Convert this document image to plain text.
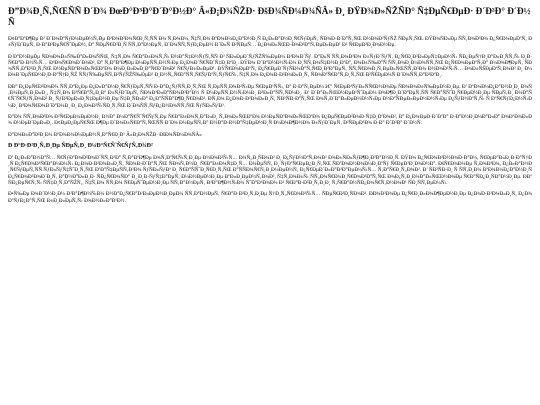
Ð”Ð¾Ð¸Ñ‚ÑŒÑÑ Ð´Ð¾ ÐœÐ°Ð³Ð°Ð´Ð°Ð½Ð° Â«Ð¡Ð¾ÑŽÐ· ÐšÐ¾ÑÐ¼Ð¾ÑÂ» Ð¸ ÐŸÐ¾Ð»ÑŽÑÐ° Ñ‡ÐµÑ€ÐµÐ· Ð´Ð²Ð° Ð´Ð½Ñ

Ð¢Ð°ÐºÐ¶Ðµ Ð² Ð´Ð¾ÐºÑƒÐ¼ÐµÐ½Ñ‚Ðµ Ð³Ð¾Ð²Ð¾Ñ€Ð¸Ñ‚ÑÑ Ð¾ Ñ‚Ð¾Ð¼, Ñ‡Ñ‚Ð¾ ÐºÐ¾Ð¼Ð¿Ð°Ð½Ð¸Ñ Ð¿Ð»Ð°Ð½Ð¸Ñ€ÑƒÐµÑ‚ ÑÐ¾Ð·Ð´Ð°Ñ‚ÑŒ Ð½Ð¾Ð²ÑƒÑŽ ÑÐµÑ‚ÑŒ. ÐŸÐ¾ÑÐ»Ðµ ÑÑ‚Ð¾Ð³Ð¾ Ð¿Ñ€Ð¾ÐµÐºÑ‚ Ð±ÑƒÐ´ÐµÑ‚ Ð·Ð°Ð²ÐµÑ€ÑˆÐµÐ½, Ð° ÑÐµÑ€Ð²Ð¸Ñ ÑÑ‚Ð°Ð½ÐµÑ‚ Ð´Ð¾ÑÑ‚ÑƒÐ¿ÐµÐ½ Ð´Ð»Ñ Ð²ÑÐµÑ… Ð¿Ð¾Ð»ÑŒÐ·Ð¾Ð²Ð°Ñ‚ÐµÐ»ÐµÐ¹ Ð² Ñ€ÐµÐ³Ð¸Ð¾Ð½Ðµ.

Ð Ð°Ð½ÐµÐµ ÑÐ¾Ð¾Ð±Ñ‰Ð°Ð»Ð¾ÑÑŒ, Ñ‡Ñ‚Ð¾ Ñ€Ð°Ð±Ð¾Ñ‚Ñ‹ Ð½Ð°Ñ‡Ð½ÑƒÑ‚ÑÑ Ð² ÑÐ»ÐµÐ´ÑƒÑŽÑ‰ÐµÐ¼ Ð³Ð¾Ð´Ñƒ. Ð”Ð»Ñ ÑÑ‚Ð¾Ð³Ð¾ Ð±ÑƒÐ´ÑƒÑ‚ Ð¿Ñ€Ð¸Ð²Ð»ÐµÑ‡ÐµÐ½Ñ‹ ÑÐ¿ÐµÑ†Ð¸Ð°Ð»Ð¸ÑÑ‚Ñ‹ Ð¸Ð· Ñ€Ð°Ð·Ð½Ñ‹Ñ… Ð³Ð¾Ñ€Ð¾Ð´Ð¾Ð², Ð° Ñ‚Ð°ÐºÐ¶Ðµ Ð¼ÐµÑÑ‚Ð½Ñ‹Ðµ Ð¿Ð¾Ð´Ñ€ÑÐ´Ñ‡Ð¸ÐºÐ¸. ÐŸÐ¾ Ð´Ð°Ð½Ð½Ñ‹Ð¼ Ð¸ÑÑ‚Ð¾Ñ‡Ð½Ð¸ÐºÐ°, Ð¾Ð±Ñ‰Ð°Ñ ÑÑ‚Ð¾Ð¸Ð¼Ð¾ÑÑ‚ÑŒ Ð¿Ñ€Ð¾ÐµÐºÑ‚Ð° Ð¼Ð¾Ð¶ÐµÑ‚ ÑÐ¾ÑÑ‚Ð°Ð²Ð¸Ñ‚ÑŒ Ð½ÐµÑÐºÐ¾Ð»ÑŒÐºÐ¾ Ð¼Ð¸Ð»Ð»Ð¸Ð°Ñ€Ð´Ð¾Ð² Ñ€ÑƒÐ±Ð»ÐµÐ¹. ÐŸÑ€Ð¾ÐµÐºÑ‚ Ð¿Ñ€ÐµÐ´ÑƒÑÐ¼Ð°Ñ‚Ñ€Ð¸Ð²Ð°ÐµÑ‚ ÑÑ‚Ñ€Ð¾Ð¸Ñ‚ÐµÐ»ÑŒÑÑ‚Ð²Ð¾ Ð½Ð¾Ð²Ñ‹Ñ… Ð¾Ð±ÑŠÐµÐºÑ‚Ð¾Ð² Ð¸ Ð¼Ð¾Ð´ÐµÑ€Ð½Ð¸Ð·Ð°Ñ†Ð¸ÑŽ ÑÑƒÑ‰ÐµÑÑ‚Ð²ÑƒÑŽÑ‰ÐµÐ¹ Ð¸Ð½Ñ„Ñ€Ð°ÑÑ‚Ñ€ÑƒÐºÑ‚ÑƒÑ€Ñ‹, Ñ‡Ñ‚Ð¾ Ð¿Ð¾Ð·Ð²Ð¾Ð»Ð¸Ñ‚ ÑÐ¾ÐºÑ€Ð°Ñ‚Ð¸Ñ‚ÑŒ Ð²Ñ€ÐµÐ¼Ñ Ð´Ð¾ÑÑ‚Ð°Ð²ÐºÐ¸.

ÐÐ° Ð¿ÐµÑ€Ð²Ð¾Ð¼ ÑÑ‚Ð°Ð¿Ðµ Ð¿Ð»Ð°Ð½Ð¸Ñ€ÑƒÐµÑ‚ÑÑ Ð·Ð°Ð¿ÑƒÑÑ‚Ð¸Ñ‚ÑŒ Ñ‚ÐµÑÑ‚Ð¾Ð²Ñ‹Ðµ Ñ€ÐµÐ¹ÑÑ‹, Ð° Ð·Ð°Ñ‚ÐµÐ¼ â€” Ñ€ÐµÐ³ÑƒÐ»ÑÑ€Ð½Ð¾Ðµ ÑÐ¾Ð¾Ð±Ñ‰ÐµÐ½Ð¸Ðµ. Ð’ ÐºÐ¾Ð¼Ð¿Ð°Ð½Ð¸Ð¸ Ð¾Ñ‚Ð¼ÐµÑ‚Ð¸Ð»Ð¸, Ñ‡Ñ‚Ð¾ Ð³Ñ€Ð°Ñ„Ð¸Ðº Ð±ÑƒÐ´ÐµÑ‚ ÑÐ¾Ð³Ð»Ð°ÑÐ¾Ð²Ð°Ð½ Ñ Ð¼ÐµÑÑ‚Ð½Ñ‹Ð¼Ð¸ Ð²Ð»Ð°ÑÑ‚ÑÐ¼Ð¸. Ð’ Ð´Ð°Ð»ÑŒÐ½ÐµÐ¹ÑˆÐµÐ¼ Ð¾Ð¶Ð¸Ð´Ð°ÐµÑ‚ÑÑ Ñ€Ð°ÑÑˆÐ¸Ñ€ÐµÐ½Ð¸Ðµ ÑÐµÑ‚Ð¸ Ð¼Ð°Ñ€ÑˆÑ€ÑƒÑ‚Ð¾Ð² Ð¸ ÑƒÐ²ÐµÐ»Ð¸Ñ‡ÐµÐ½Ð¸Ðµ Ñ‡Ð¸ÑÐ»Ð° Ð¿Ð°ÑÑÐ°Ð¶Ð¸Ñ€Ð¾Ð². ÐÑ‚Ð¾ Ð¿Ð¾Ð·Ð²Ð¾Ð»Ð¸Ñ‚ ÑÐ²ÑÐ·Ð°Ñ‚ÑŒ Ð¾Ñ‚Ð´Ð°Ð»ÐµÐ½Ð½Ñ‹Ðµ Ð½Ð°ÑÐµÐ»ÐµÐ½Ð½Ñ‹Ðµ Ð¿ÑƒÐ½ÐºÑ‚Ñ‹ Ñ ÐºÑ€ÑƒÐ¿Ð½Ñ‹Ð¼Ð¸ Ð³Ð¾Ñ€Ð¾Ð´Ð°Ð¼Ð¸ Ð¸ Ð¿Ð¾Ð²Ñ‹ÑÐ¸Ñ‚ÑŒ Ð´Ð¾ÑÑ‚ÑƒÐ¿Ð½Ð¾ÑÑ‚ÑŒ ÑƒÑÐ»ÑƒÐ³.

Ð”Ð¾ ÑÑ‚Ð¾Ð³Ð¾ Ð²Ñ€ÐµÐ¼ÐµÐ½Ð¸ Ð½Ð° Ð¼Ð°Ñ€ÑˆÑ€ÑƒÑ‚Ðµ Ñ€Ð°Ð±Ð¾Ñ‚Ð°Ð»Ð¸ Ñ‚Ð¾Ð»ÑŒÐºÐ¾ Ð½ÐµÑÐºÐ¾Ð»ÑŒÐºÐ¾ Ð¿ÐµÑ€ÐµÐ²Ð¾Ð·Ñ‡Ð¸ÐºÐ¾Ð², Ð° Ð¿Ð¾ÐµÐ·Ð´ÐºÐ° Ð·Ð°Ð½Ð¸Ð¼Ð°Ð»Ð° Ð¾ÐºÐ¾Ð»Ð¾ Ð½ÐµÐ´ÐµÐ»Ð¸. Ð¢ÐµÐ¿ÐµÑ€ÑŒ Ð¶Ðµ Ð´Ð¾Ð±Ñ€Ð°Ñ‚ÑŒÑÑ Ð´Ð¾ Ð¼ÐµÑÑ‚Ð° Ð½Ð°Ð·Ð½Ð°Ñ‡ÐµÐ½Ð¸Ñ Ð¼Ð¾Ð¶Ð½Ð¾ Ð±ÑƒÐ´ÐµÑ‚ Ð²ÑÐµÐ³Ð¾ Ð·Ð° Ð´Ð²Ð° Ð´Ð½Ñ.

Ð”Ð¾Ð±Ð°Ð²Ð¸Ð¼ ÐºÐ¾Ð¼Ð¼ÐµÐ½Ñ‚Ð°Ñ€Ð¸Ð¹ Â«Ð¡Ð¾ÑŽÐ· ÐšÐ¾ÑÐ¼Ð¾ÑÂ»

Ð Ð°Ð·Ð²Ð¸Ñ‚Ð¸Ðµ ÑÐµÑ‚Ð¸ Ð¼Ð°Ñ€ÑˆÑ€ÑƒÑ‚Ð¾Ð²

Ð’ Ð¿Ð»Ð°Ð½Ð°Ñ… Ñ€ÑƒÐºÐ¾Ð²Ð¾Ð´ÑÑ‚Ð²Ð° Ñ‚Ð°ÐºÐ¶Ðµ Ð¾Ñ‚ÐºÑ€Ñ‹Ñ‚Ð¸Ðµ Ð½Ð¾Ð²Ñ‹Ñ… Ð¾Ñ„Ð¸ÑÐ¾Ð² Ð¸ Ð¿ÑƒÐ½ÐºÑ‚Ð¾Ð² Ð¾Ð±ÑÐ»ÑƒÐ¶Ð¸Ð²Ð°Ð½Ð¸Ñ. ÐŸÐ¾ Ð¿Ñ€Ð¾Ð³Ð½Ð¾Ð·Ð°Ð¼, Ñ€ÐµÐ°Ð»Ð¸Ð·Ð°Ñ†Ð¸Ñ Ð¿Ñ€Ð¾Ð³Ñ€Ð°Ð¼Ð¼Ñ‹ Ð¿Ð¾Ð·Ð²Ð¾Ð»Ð¸Ñ‚ ÑÐ¾Ð·Ð´Ð°Ñ‚ÑŒ ÑÐ¾Ñ‚Ð½Ð¸ Ñ€Ð°Ð±Ð¾Ñ‡Ð¸Ñ… Ð¼ÐµÑÑ‚ Ð¸ ÑƒÐºÑ€ÐµÐ¿Ð¸Ñ‚ÑŒ ÑÐºÐ¾Ð½Ð¾Ð¼Ð¸ÐºÑƒ Ñ€ÐµÐ³Ð¸Ð¾Ð½Ð°. ÐšÑ€Ð¾Ð¼Ðµ Ñ‚Ð¾Ð³Ð¾, Ð¿Ð»Ð°Ð½Ð¸Ñ€ÑƒÐµÑ‚ÑÑ ÑƒÐ»ÑƒÑ‡ÑˆÐ¸Ñ‚ÑŒ ÐºÐ°Ñ‡ÐµÑÑ‚Ð²Ð¾ ÑƒÑÐ»ÑƒÐ³ Ð¸ Ñ€Ð°ÑÑˆÐ¸Ñ€Ð¸Ñ‚ÑŒ Ð°ÑÑÐ¾Ñ€Ñ‚Ð¸Ð¼ÐµÐ½Ñ‚ Ð¿Ñ€ÐµÐ´Ð»Ð°Ð³Ð°ÐµÐ¼Ñ‹Ñ… Ñ‚Ð°Ñ€Ð¸Ñ„Ð¾Ð². Ð’ ÑÐ²ÑÐ·Ð¸ Ñ ÑÑ‚Ð¸Ð¼ ÐºÐ¾Ð¼Ð¿Ð°Ð½Ð¸Ñ Ð¿Ñ€Ð¾Ð²Ð¾Ð´Ð¸Ñ‚ Ð°Ð½Ð°Ð»Ð¸Ð· ÑÐ¿Ñ€Ð¾ÑÐ° Ð¸ Ð¸Ð·ÑƒÑ‡Ð°ÐµÑ‚ Ð¼Ð½ÐµÐ½Ð¸Ðµ ÐºÐ»Ð¸ÐµÐ½Ñ‚Ð¾Ð², Ñ‡Ñ‚Ð¾Ð±Ñ‹ ÑÑ„Ð¾Ñ€Ð¼Ð¸Ñ€Ð¾Ð²Ð°Ñ‚ÑŒ Ð¾Ð¿Ñ‚Ð¸Ð¼Ð°Ð»ÑŒÐ½Ð¾Ðµ Ñ€Ð°ÑÐ¿Ð¸ÑÐ°Ð½Ð¸Ðµ. ÐÐºÑÐ¿ÐµÑ€Ñ‚Ñ‹ ÑÑ‡Ð¸Ñ‚Ð°ÑŽÑ‚, Ñ‡Ñ‚Ð¾ ÑÑ‚Ð¾ Ñ€ÐµÑˆÐµÐ½Ð¸Ðµ ÑÑ‚Ð°Ð½ÐµÑ‚ Ð²Ð°Ð¶Ð½Ñ‹Ð¼ ÑˆÐ°Ð³Ð¾Ð¼ Ð² Ñ€Ð°Ð·Ð²Ð¸Ñ‚Ð¸Ð¸ Ñ‚Ñ€Ð°Ð½ÑÐ¿Ð¾Ñ€Ñ‚Ð½Ð¾Ð¹ ÑÐ¸ÑÑ‚ÐµÐ¼Ñ‹.

Ð•Ñ‰Ðµ Ð¾Ð´Ð½Ð¸Ð¼ Ð²Ð°Ð¶Ð½Ñ‹Ð¼ Ð½Ð°Ð¿Ñ€Ð°Ð²Ð»ÐµÐ½Ð¸ÐµÐ¼ ÑÑ‚Ð°Ð½ÐµÑ‚ Ñ€Ð°Ð·Ð²Ð¸Ñ‚Ð¸Ðµ Ñ†Ð¸Ñ„Ñ€Ð¾Ð²Ñ‹Ñ… ÑÐµÑ€Ð²Ð¸ÑÐ¾Ð². ÐÐ¾Ð²Ð¾Ðµ Ð¿Ñ€Ð¸Ð»Ð¾Ð¶ÐµÐ½Ð¸Ðµ Ð¿Ð¾Ð·Ð²Ð¾Ð»Ð¸Ñ‚ Ð¿Ð¾ÐºÑƒÐ¿Ð°Ñ‚ÑŒ Ð±Ð¸Ð»ÐµÑ‚Ñ‹ Ð¾Ð½Ð»Ð°Ð¹Ð½.
